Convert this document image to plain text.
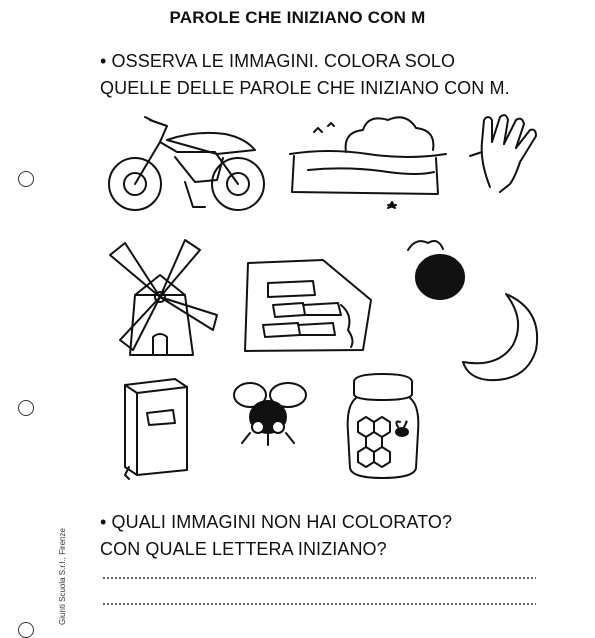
PAROLE CHE INIZIANO CON M
• OSSERVA LE IMMAGINI. COLORA SOLO
QUELLE DELLE PAROLE CHE INIZIANO CON M.
• QUALI IMMAGINI NON HAI COLORATO?
CON QUALE LETTERA INIZIANO?
Giunti Scuola S.r.l., Firenze
